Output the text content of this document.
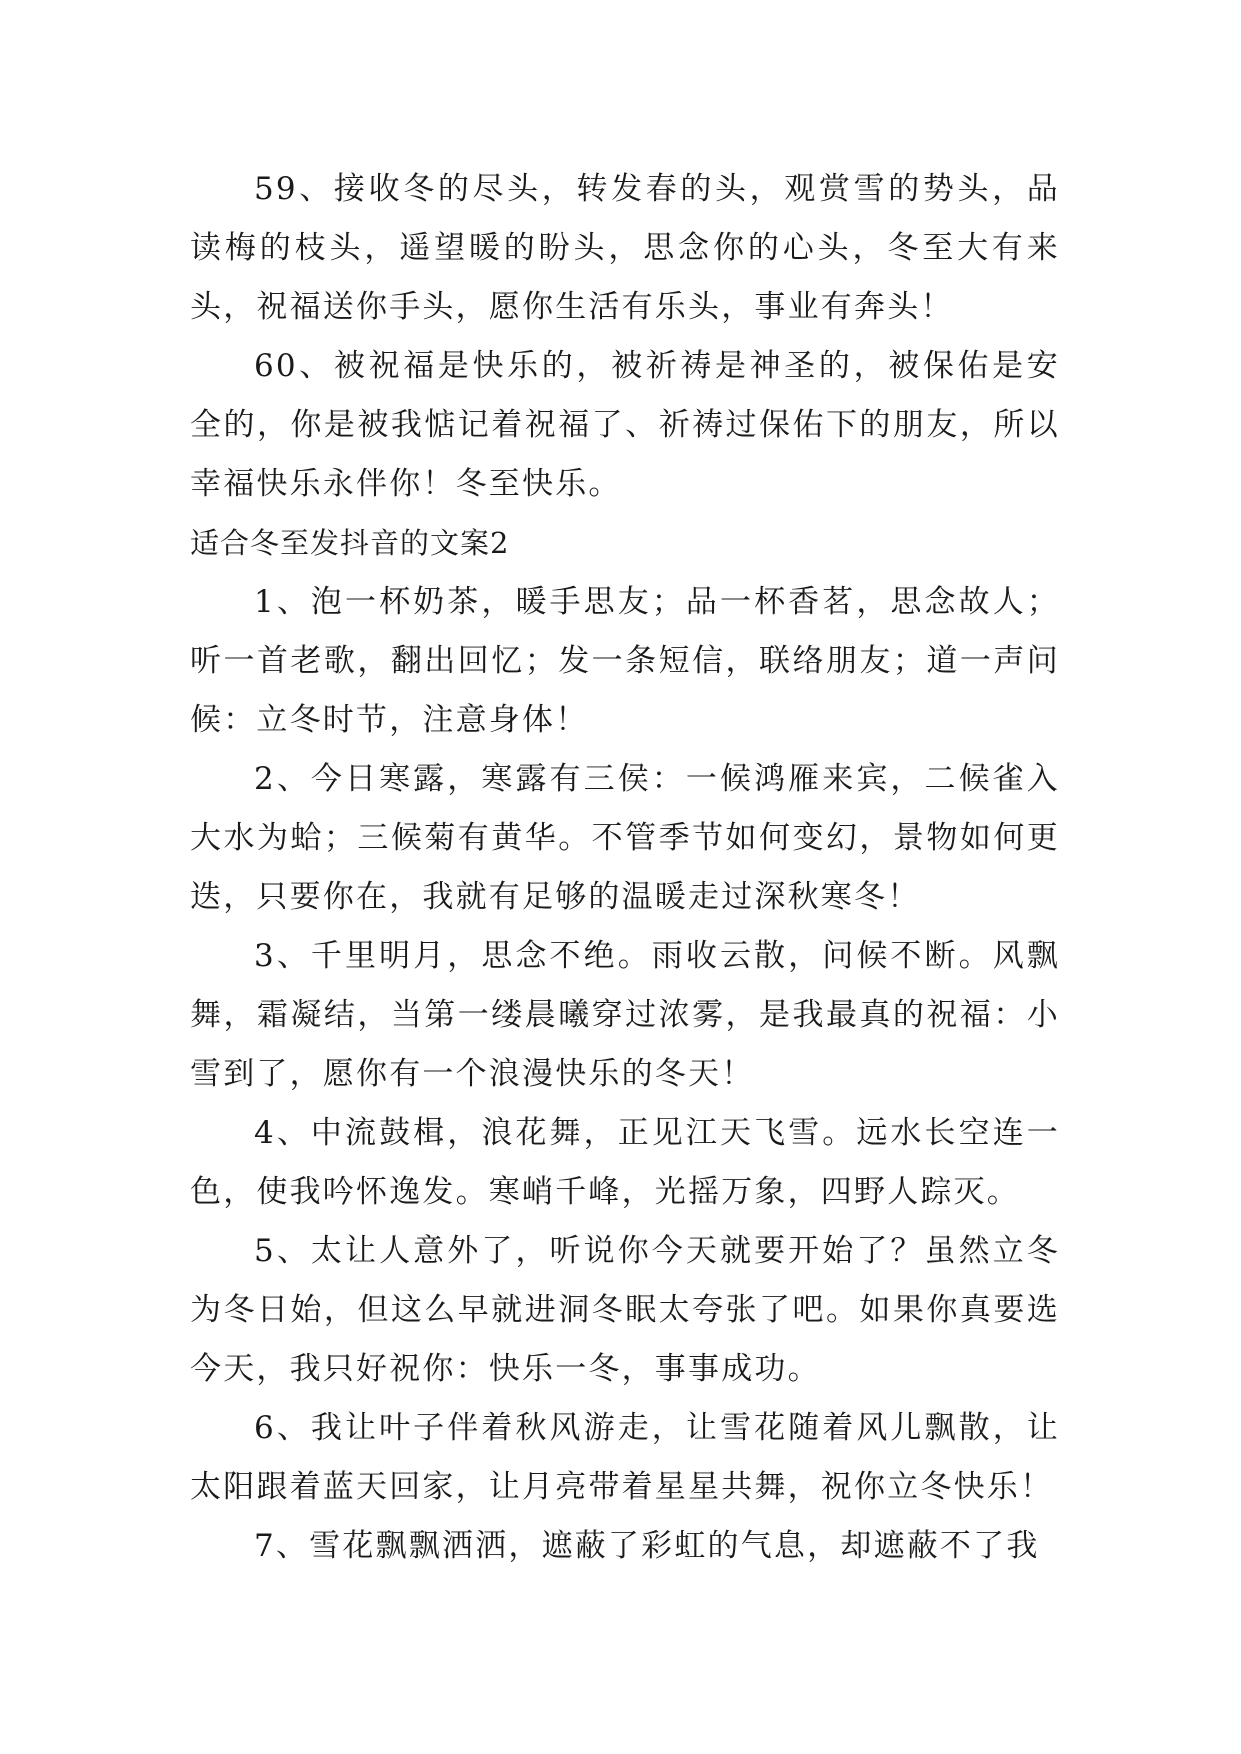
59、接收冬的尽头，转发春的头，观赏雪的势头，品读梅的枝头，遥望暖的盼头，思念你的心头，冬至大有来头，祝福送你手头，愿你生活有乐头，事业有奔头！

60、被祝福是快乐的，被祈祷是神圣的，被保佑是安全的，你是被我惦记着祝福了、祈祷过保佑下的朋友，所以幸福快乐永伴你！冬至快乐。

适合冬至发抖音的文案2

1、泡一杯奶茶，暖手思友；品一杯香茗，思念故人；听一首老歌，翻出回忆；发一条短信，联络朋友；道一声问候：立冬时节，注意身体！

2、今日寒露，寒露有三侯：一候鸿雁来宾，二候雀入大水为蛤；三候菊有黄华。不管季节如何变幻，景物如何更迭，只要你在，我就有足够的温暖走过深秋寒冬！

3、千里明月，思念不绝。雨收云散，问候不断。风飘舞，霜凝结，当第一缕晨曦穿过浓雾，是我最真的祝福：小雪到了，愿你有一个浪漫快乐的冬天！

4、中流鼓楫，浪花舞，正见江天飞雪。远水长空连一色，使我吟怀逸发。寒峭千峰，光摇万象，四野人踪灭。

5、太让人意外了，听说你今天就要开始了？虽然立冬为冬日始，但这么早就进洞冬眠太夸张了吧。如果你真要选今天，我只好祝你：快乐一冬，事事成功。

6、我让叶子伴着秋风游走，让雪花随着风儿飘散，让太阳跟着蓝天回家，让月亮带着星星共舞，祝你立冬快乐！

7、雪花飘飘洒洒，遮蔽了彩虹的气息，却遮蔽不了我
